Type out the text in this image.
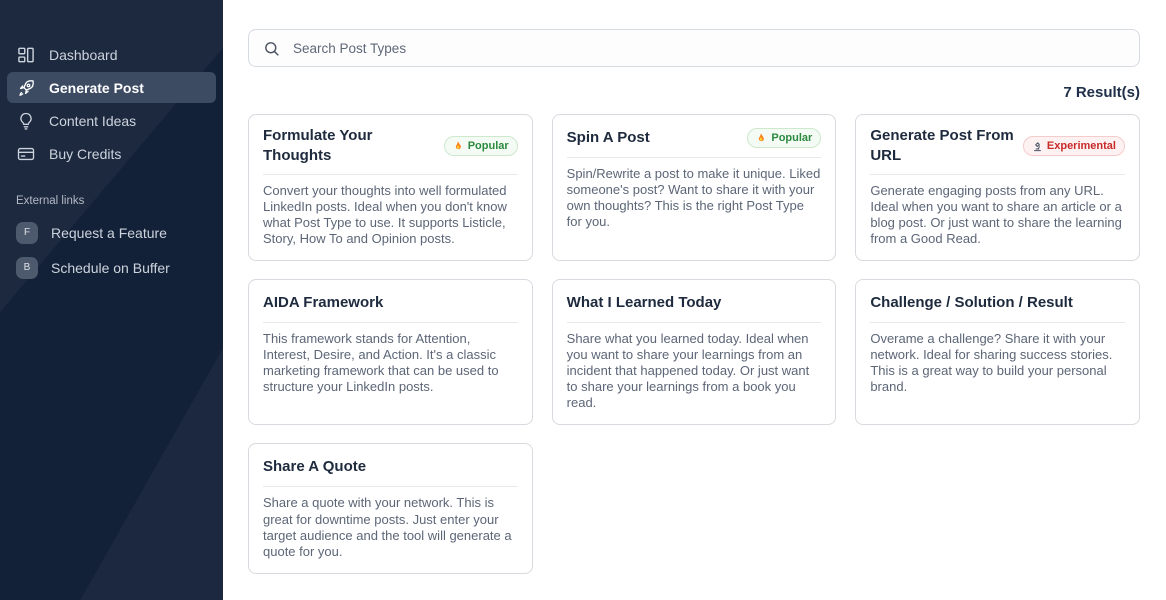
Dashboard
Generate Post
Content Ideas
Buy Credits
External links
F	Request a Feature
B	Schedule on Buffer
Search Post Types
7 Result(s)
Formulate Your Thoughts
Popular

Convert your thoughts into well formulated LinkedIn posts. Ideal when you don't know what Post Type to use. It supports Listicle, Story, How To and Opinion posts.

Spin A Post	Popular

Spin/Rewrite a post to make it unique. Liked someone's post? Want to share it with your own thoughts? This is the right Post Type for you.

Generate Post From URL
Experimental

Generate engaging posts from any URL. Ideal when you want to share an article or a blog post. Or just want to share the learning from a Good Read.

AIDA Framework

This framework stands for Attention, Interest, Desire, and Action. It's a classic marketing framework that can be used to structure your LinkedIn posts.

What I Learned Today

Share what you learned today. Ideal when you want to share your learnings from an incident that happened today. Or just want to share your learnings from a book you read.

Challenge / Solution / Result

Overame a challenge? Share it with your network. Ideal for sharing success stories. This is a great way to build your personal brand.

Share A Quote

Share a quote with your network. This is great for downtime posts. Just enter your target audience and the tool will generate a quote for you.
